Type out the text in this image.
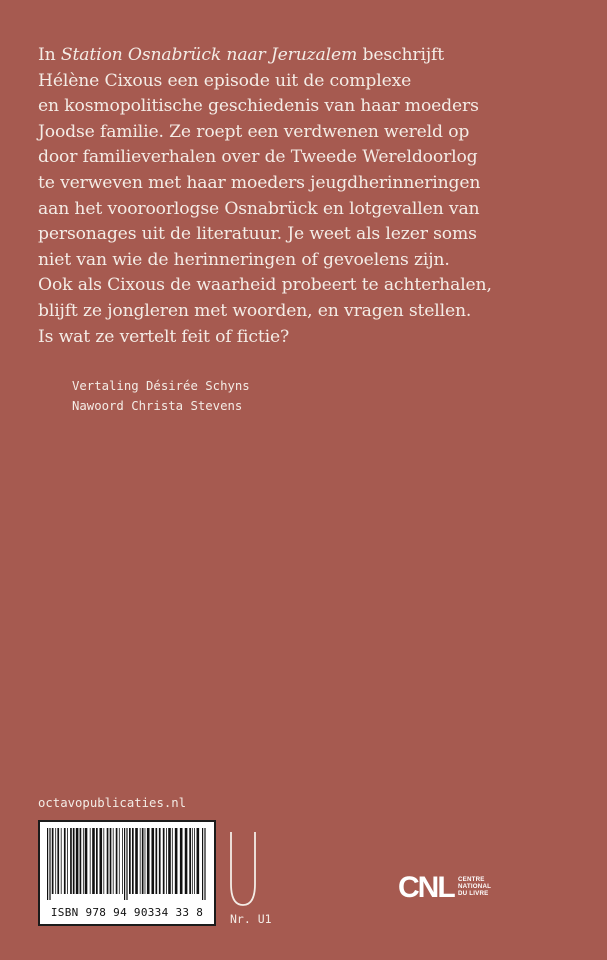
In Station Osnabrück naar Jeruzalem beschrijft
Hélène Cixous een episode uit de complexe
en kosmopolitische geschiedenis van haar moeders
Joodse familie. Ze roept een verdwenen wereld op
door familieverhalen over de Tweede Wereldoorlog
te verweven met haar moeders jeugdherinneringen
aan het vooroorlogse Osnabrück en lotgevallen van
personages uit de literatuur. Je weet als lezer soms
niet van wie de herinneringen of gevoelens zijn.
Ook als Cixous de waarheid probeert te achterhalen,
blijft ze jongleren met woorden, en vragen stellen.
Is wat ze vertelt feit of fictie?

Vertaling Désirée Schyns
Nawoord Christa Stevens
octavopublicaties.nl
ISBN 978 94 90334 33 8	Nr. U1
CNL CENTRE
NATIONAL
DU LIVRE
